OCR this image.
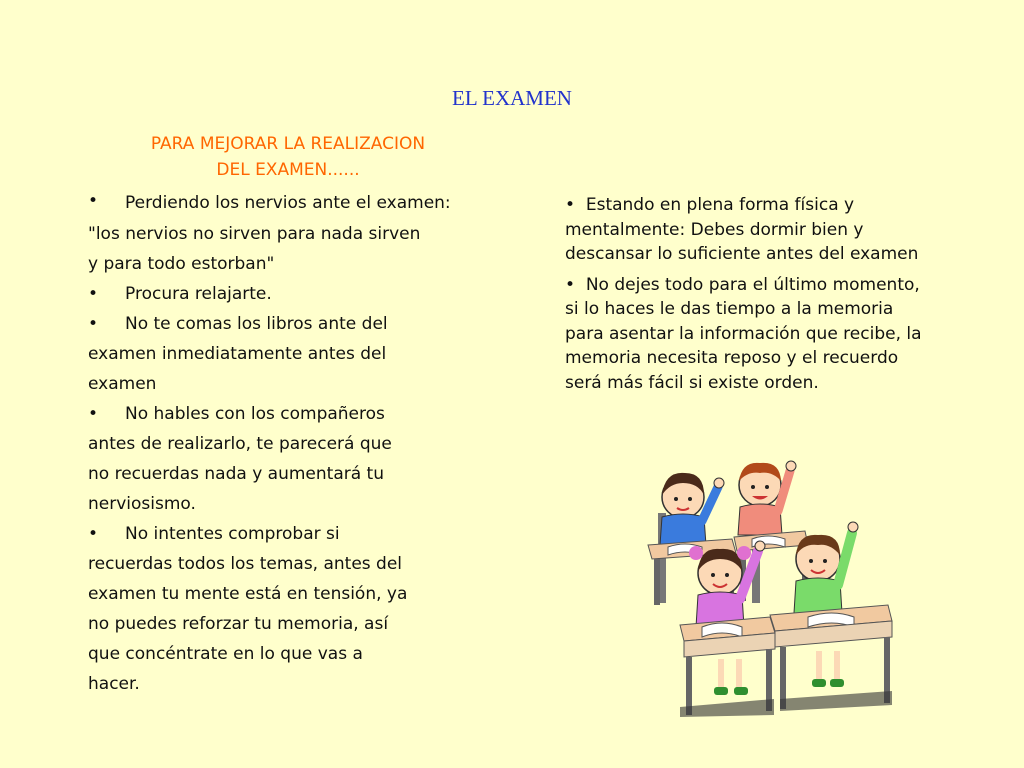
EL EXAMEN
PARA MEJORAR LA REALIZACION
DEL EXAMEN......
•	Perdiendo los nervios ante el examen:

"los nervios no sirven para nada sirven

y para todo estorban"

• Procura relajarte.

• No te comas los libros ante del

examen inmediatamente antes del

examen

• No hables con los compañeros

antes de realizarlo, te parecerá que

no recuerdas nada y aumentará tu

nerviosismo.

• No intentes comprobar si

recuerdas todos los temas, antes del

examen tu mente está en tensión, ya

no puedes reforzar tu memoria, así

que concéntrate en lo que vas a

hacer.

• Estando en plena forma física y mentalmente: Debes dormir bien y descansar lo suficiente antes del examen

• No dejes todo para el último momento, si lo haces le das tiempo a la memoria para asentar la información que recibe, la memoria necesita reposo y el recuerdo será más fácil si existe orden.
